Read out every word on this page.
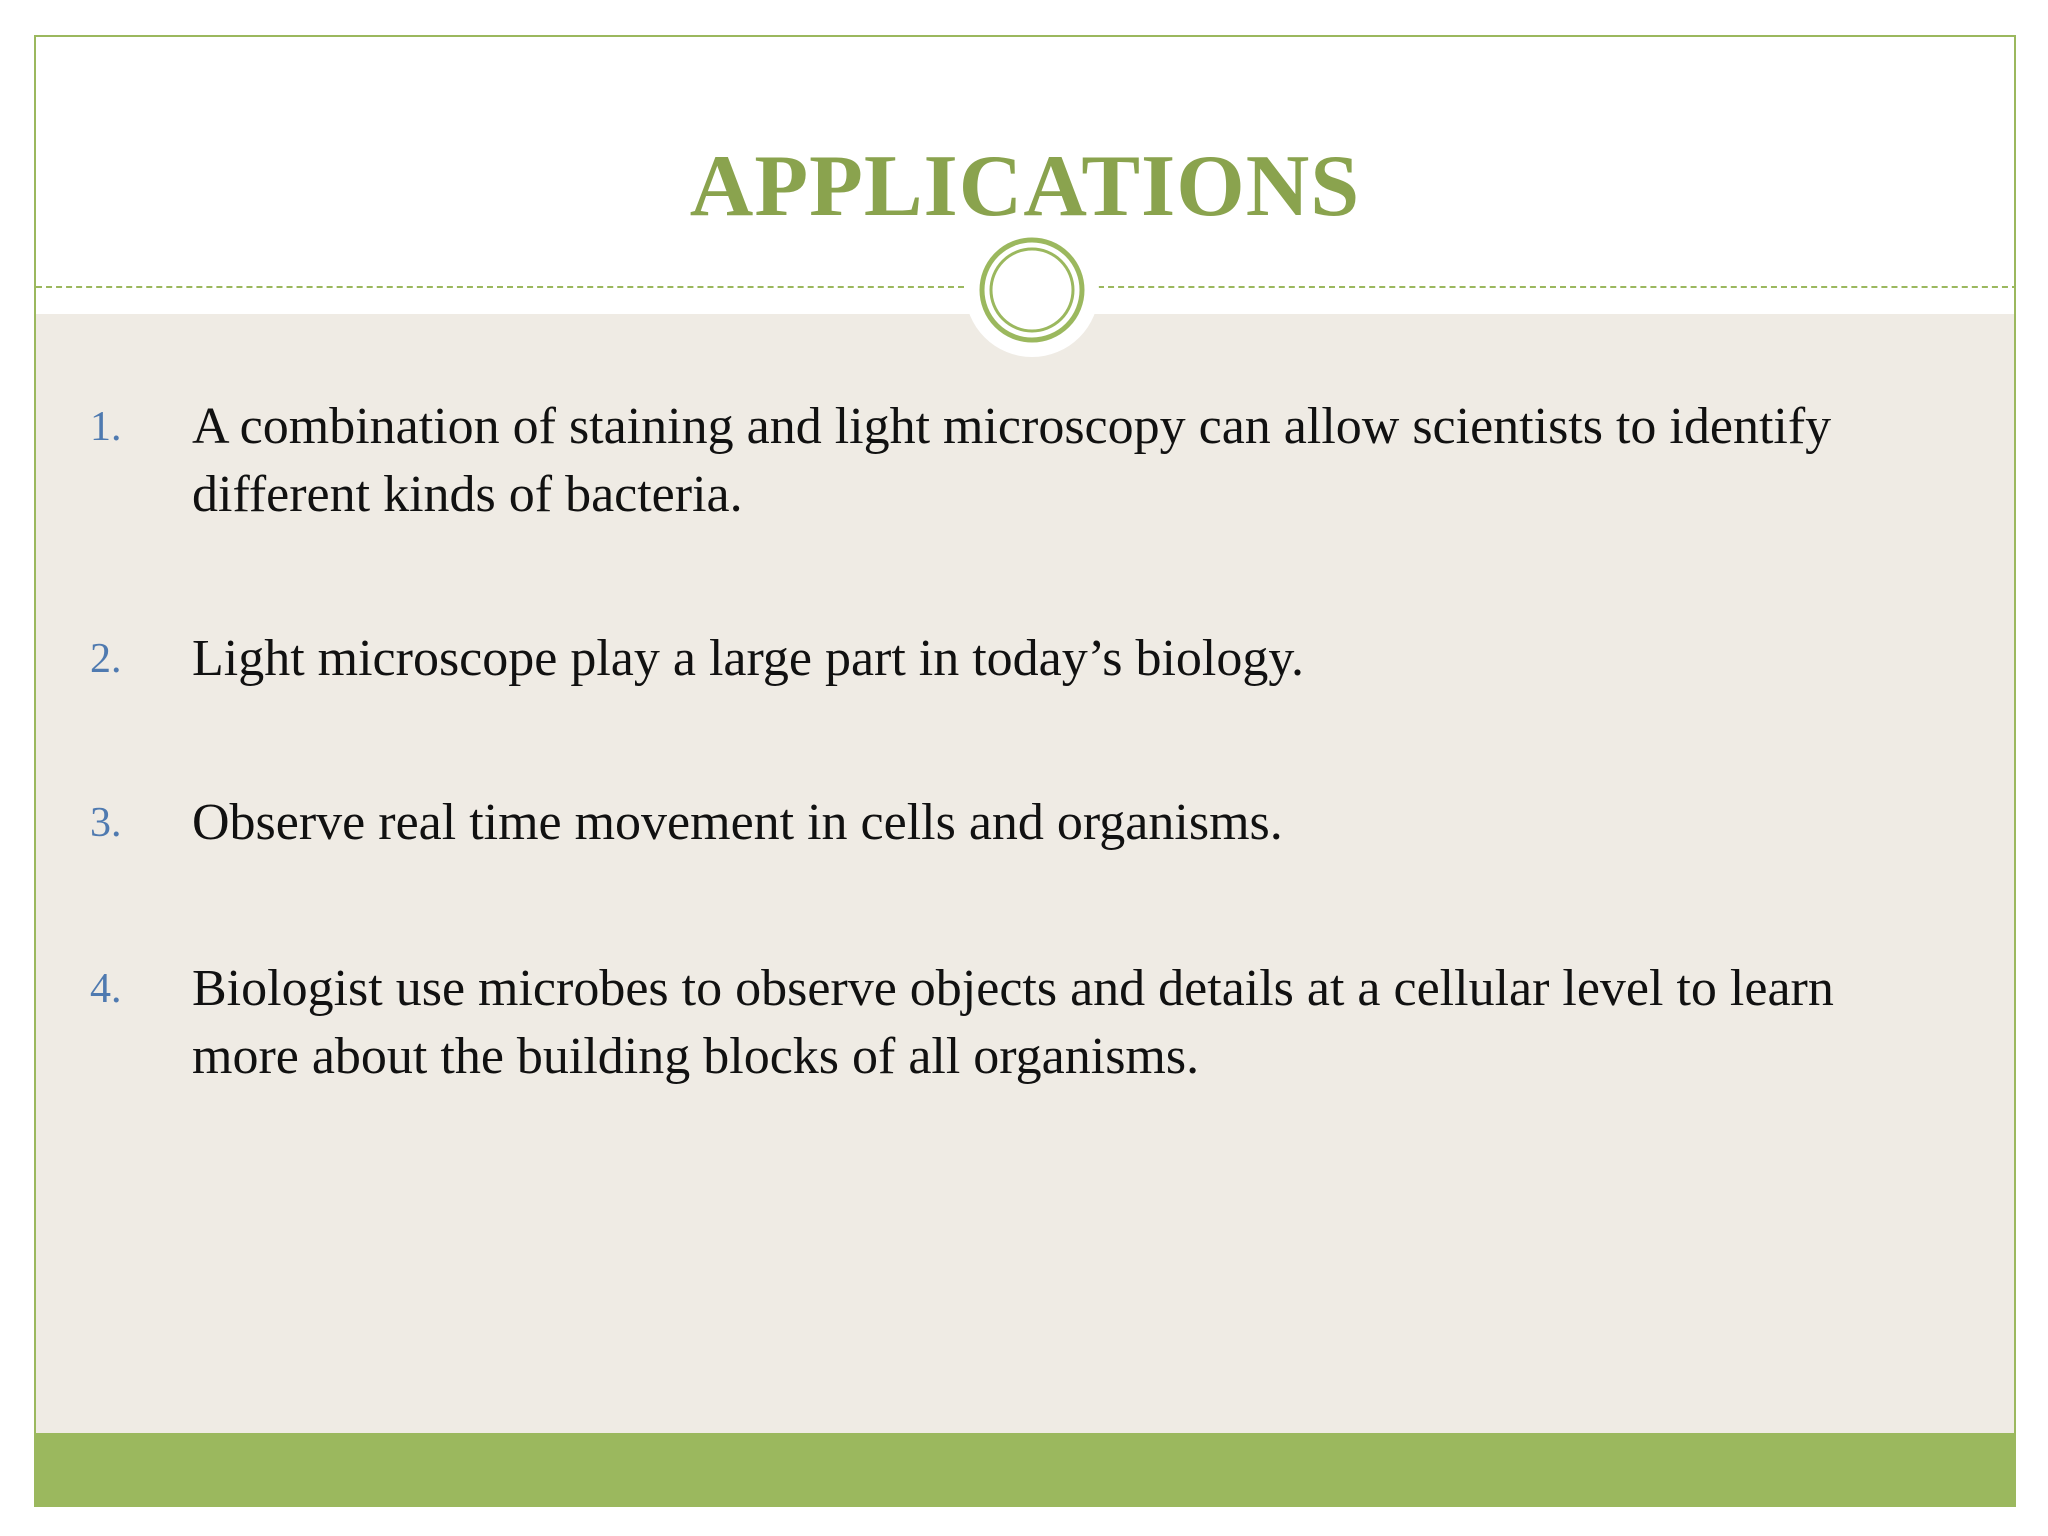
APPLICATIONS
1. A combination of staining and light microscopy can allow scientists to identify different kinds of bacteria.
2. Light microscope play a large part in today’s biology.
3. Observe real time movement in cells and organisms.
4. Biologist use microbes to observe objects and details at a cellular level to learn more about the building blocks of all organisms.
